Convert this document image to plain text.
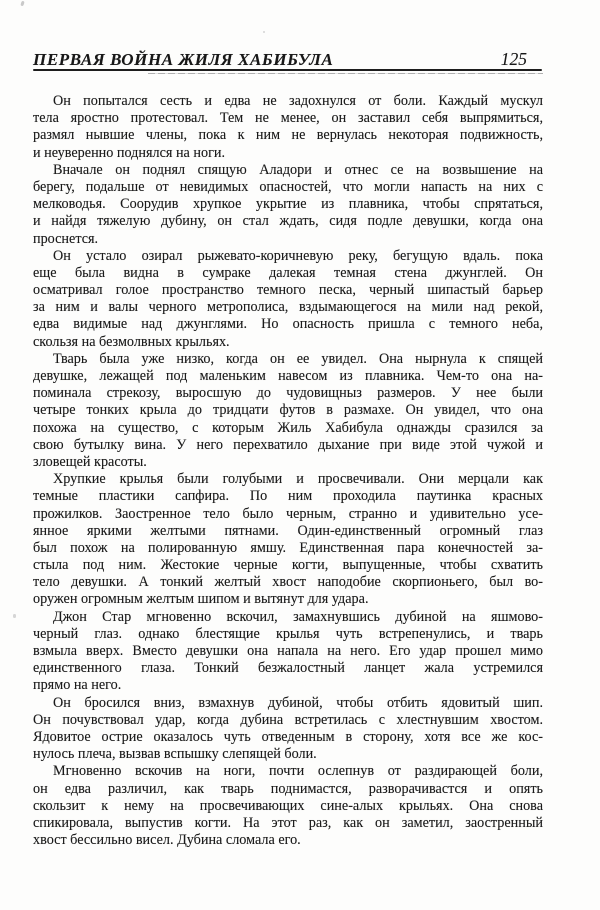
ПЕРВАЯ ВОЙНА ЖИЛЯ ХАБИБУЛА	125
Он попытался сесть и едва не задохнулся от боли. Каждый мускул
тела яростно протестовал. Тем не менее, он заставил себя выпрямиться,
размял нывшие члены, пока к ним не вернулась некоторая подвижность,
и неуверенно поднялся на ноги.
Вначале он поднял спящую Аладори и отнес се на возвышение на
берегу, подальше от невидимых опасностей, что могли напасть на них с
мелководья. Соорудив хрупкое укрытие из плавника, чтобы спрятаться,
и найдя тяжелую дубину, он стал ждать, сидя подле девушки, когда она
проснется.
Он устало озирал рыжевато-коричневую реку, бегущую вдаль. пока
еще была видна в сумраке далекая темная стена джунглей. Он
осматривал голое пространство темного песка, черный шипастый барьер
за ним и валы черного метрополиса, вздымающегося на мили над рекой,
едва видимые над джунглями. Но опасность пришла с темного неба,
скользя на безмолвных крыльях.
Тварь была уже низко, когда он ее увидел. Она нырнула к спящей
девушке, лежащей под маленьким навесом из плавника. Чем-то она на-
поминала стрекозу, выросшую до чудовищныз размеров. У нее были
четыре тонких крыла до тридцати футов в размахе. Он увидел, что она
похожа на существо, с которым Жиль Хабибула однажды сразился за
свою бутылку вина. У него перехватило дыхание при виде этой чужой и
зловещей красоты.
Хрупкие крылья были голубыми и просвечивали. Они мерцали как
темные пластики сапфира. По ним проходила паутинка красных
прожилков. Заостренное тело было черным, странно и удивительно усе-
янное яркими желтыми пятнами. Один-единственный огромный глаз
был похож на полированную ямшу. Единственная пара конечностей за-
стыла под ним. Жестокие черные когти, выпущенные, чтобы схватить
тело девушки. А тонкий желтый хвост наподобие скорпионьего, был во-
оружен огромным желтым шипом и вытянут для удара.
Джон Стар мгновенно вскочил, замахнувшись дубиной на яшмово-
черный глаз. однако блестящие крылья чуть встрепенулись, и тварь
взмыла вверх. Вместо девушки она напала на него. Его удар прошел мимо
единственного глаза. Тонкий безжалостный ланцет жала устремился
прямо на него.
Он бросился вниз, взмахнув дубиной, чтобы отбить ядовитый шип.
Он почувствовал удар, когда дубина встретилась с хлестнувшим хвостом.
Ядовитое острие оказалось чуть отведенным в сторону, хотя все же кос-
нулось плеча, вызвав вспышку слепящей боли.
Мгновенно вскочив на ноги, почти ослепнув от раздирающей боли,
он едва различил, как тварь поднимастся, разворачивастся и опять
скользит к нему на просвечивающих сине-алых крыльях. Она снова
спикировала, выпустив когти. На этот раз, как он заметил, заостренный
хвост бессильно висел. Дубина сломала его.
